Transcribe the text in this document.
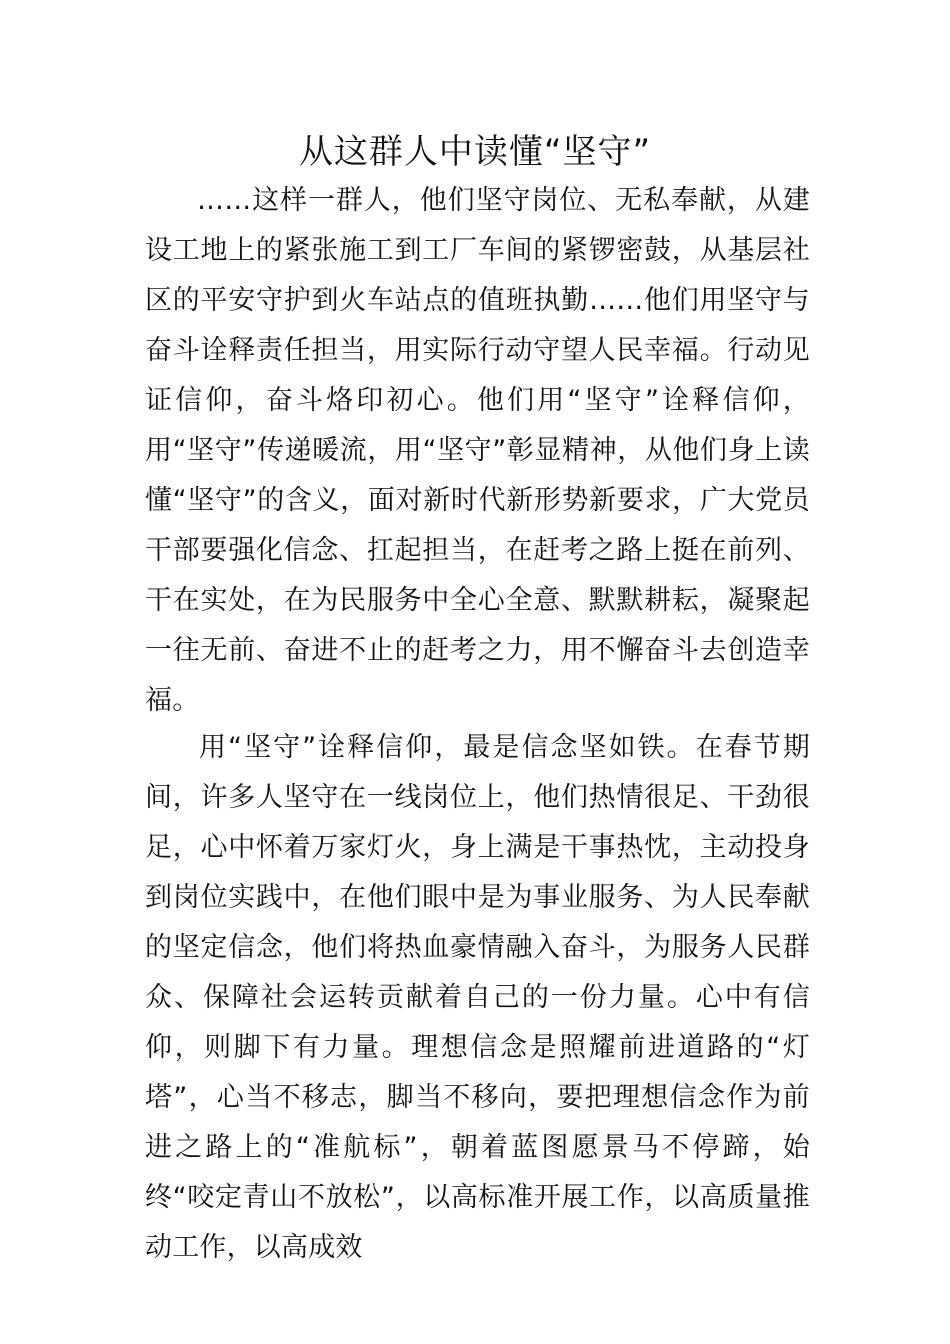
从这群人中读懂“坚守”

……这样一群人，他们坚守岗位、无私奉献，从建设工地上的紧张施工到工厂车间的紧锣密鼓，从基层社区的平安守护到火车站点的值班执勤……他们用坚守与奋斗诠释责任担当，用实际行动守望人民幸福。行动见证信仰，奋斗烙印初心。他们用“坚守”诠释信仰，用“坚守”传递暖流，用“坚守”彰显精神，从他们身上读懂“坚守”的含义，面对新时代新形势新要求，广大党员干部要强化信念、扛起担当，在赶考之路上挺在前列、干在实处，在为民服务中全心全意、默默耕耘，凝聚起一往无前、奋进不止的赶考之力，用不懈奋斗去创造幸福。

用“坚守”诠释信仰，最是信念坚如铁。在春节期间，许多人坚守在一线岗位上，他们热情很足、干劲很足，心中怀着万家灯火，身上满是干事热忱，主动投身到岗位实践中，在他们眼中是为事业服务、为人民奉献的坚定信念，他们将热血豪情融入奋斗，为服务人民群众、保障社会运转贡献着自己的一份力量。心中有信仰，则脚下有力量。理想信念是照耀前进道路的“灯塔”，心当不移志，脚当不移向，要把理想信念作为前进之路上的“准航标”，朝着蓝图愿景马不停蹄，始终“咬定青山不放松”，以高标准开展工作，以高质量推动工作，以高成效
